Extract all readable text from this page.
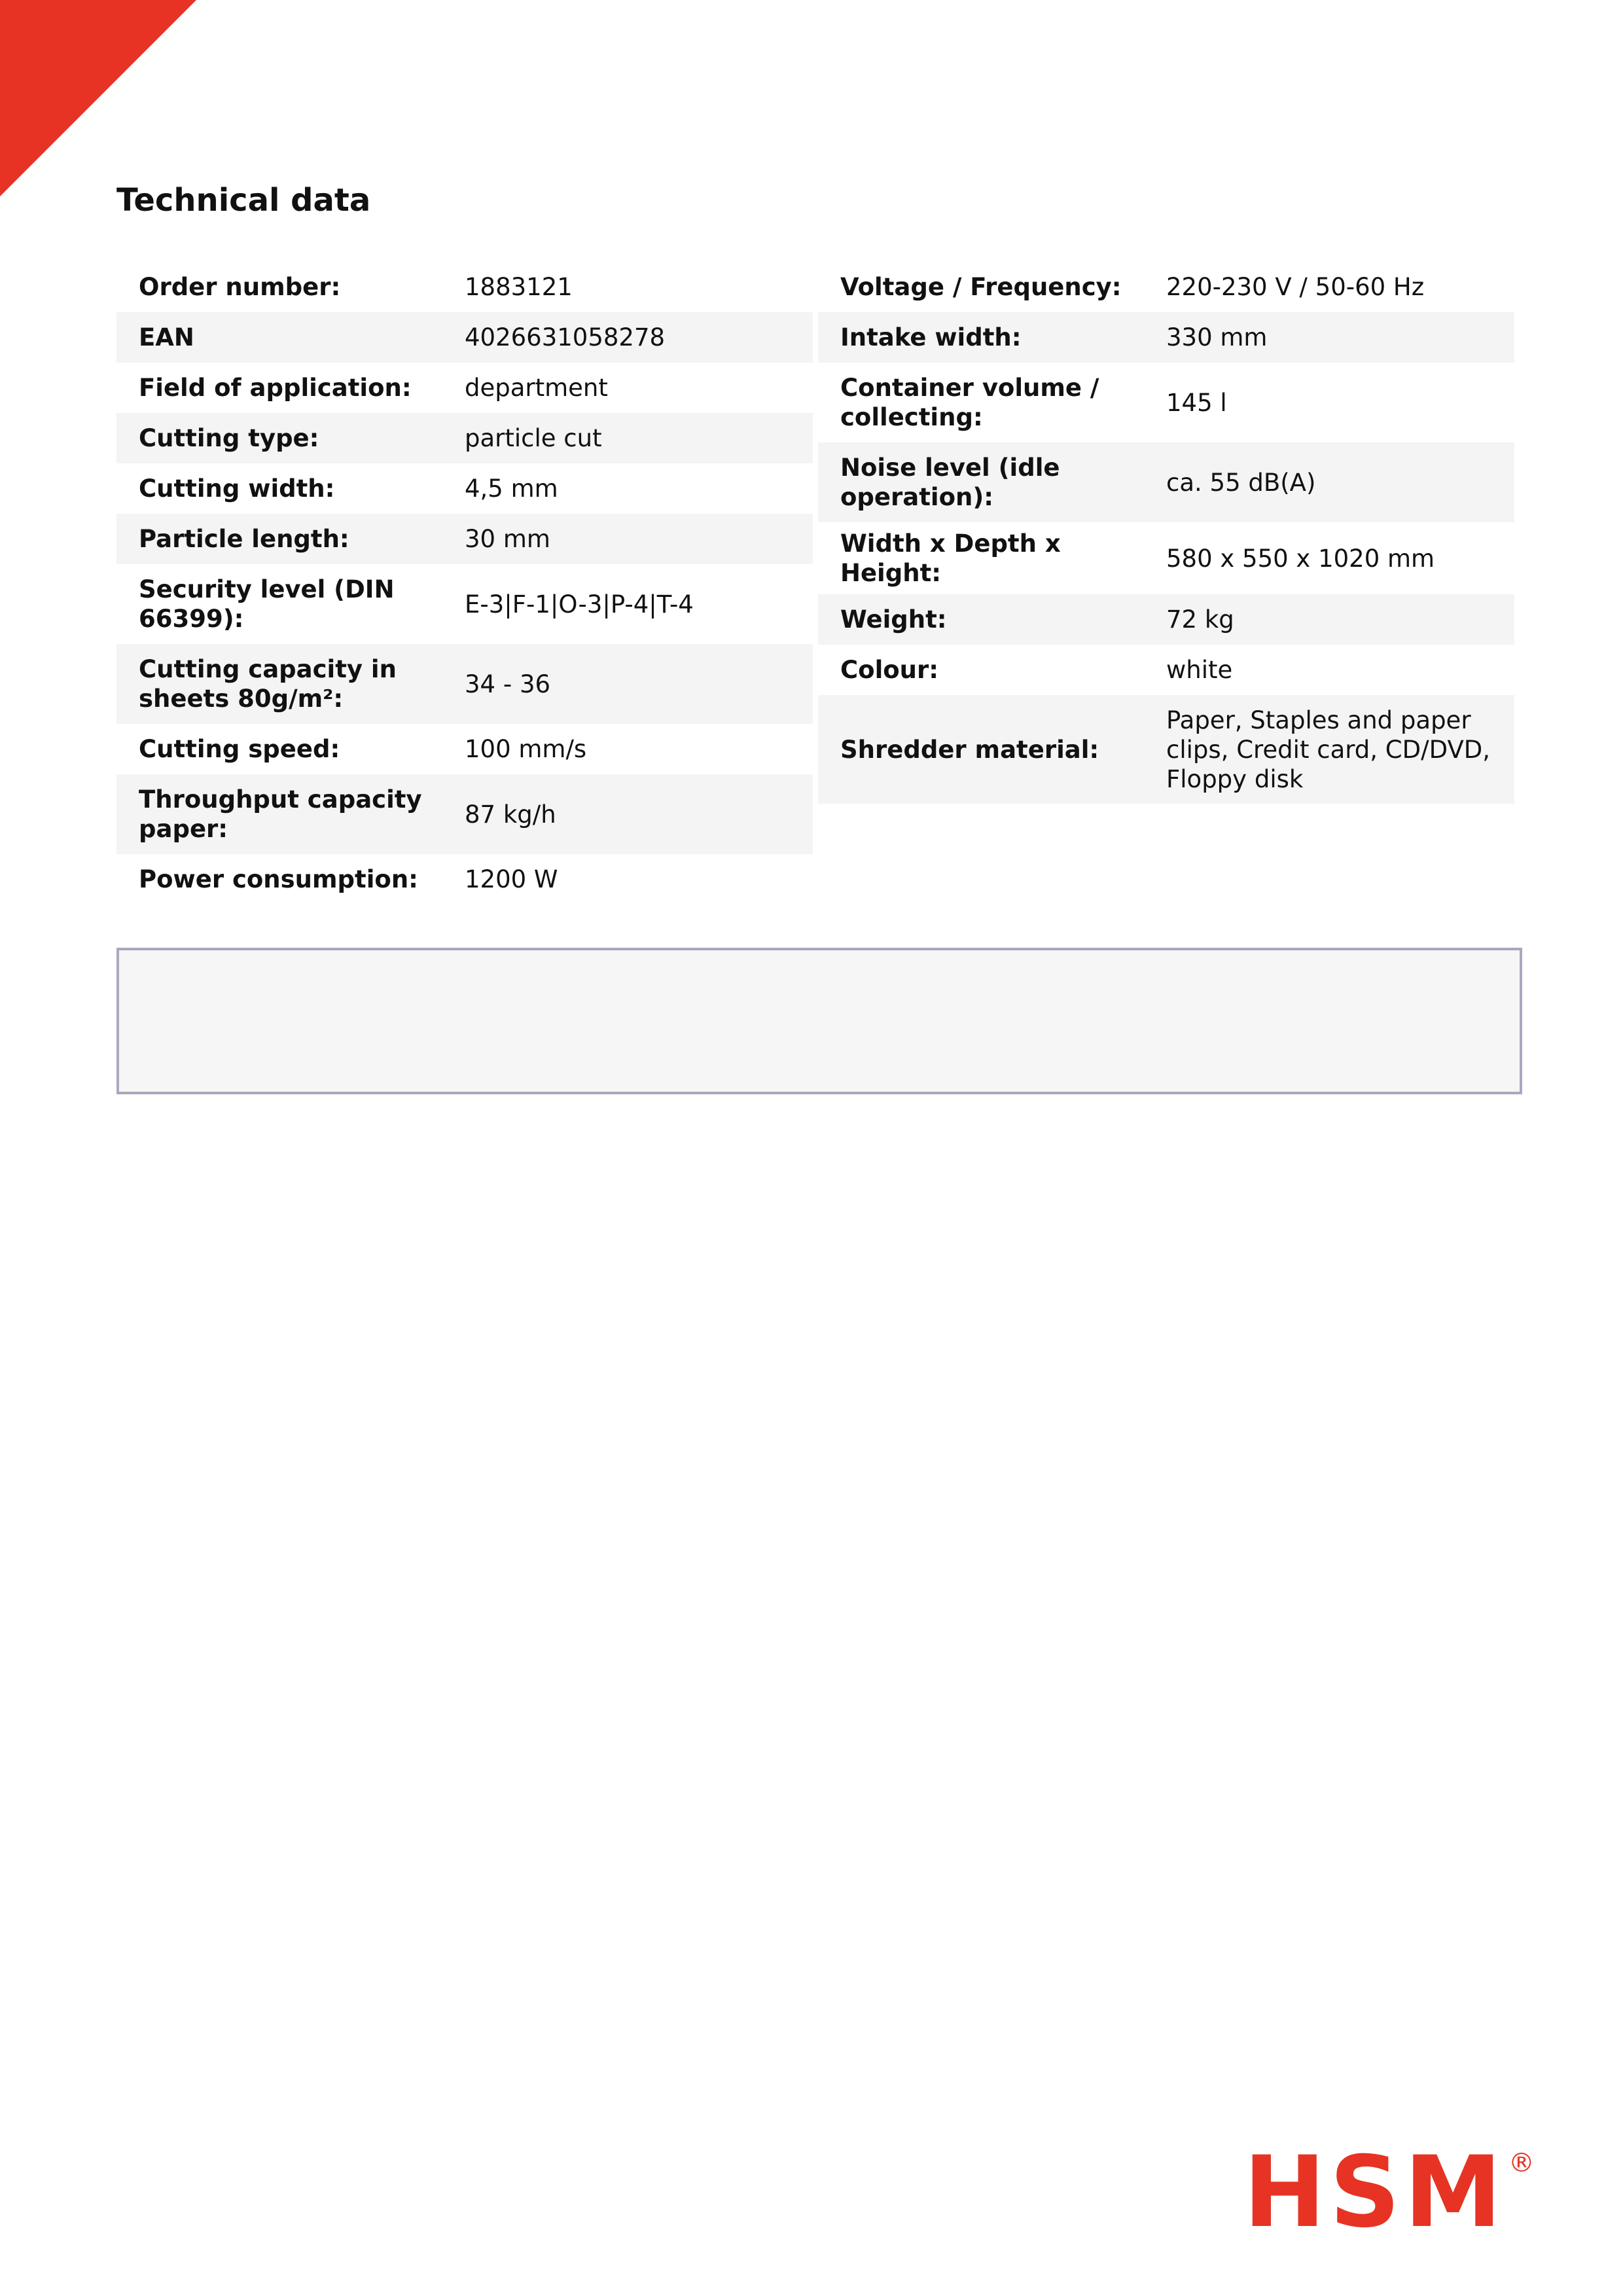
Technical data
Order number:	1883121
EAN	4026631058278
Field of application:	department
Cutting type:	particle cut
Cutting width:	4,5 mm
Particle length:	30 mm
Security level (DIN 66399):
E-3|F-1|O-3|P-4|T-4
Cutting capacity in sheets 80g/m²:
34 - 36
Cutting speed:	100 mm/s
Throughput capacity paper:
87 kg/h
Power consumption:	1200 W
Voltage / Frequency:	220-230 V / 50-60 Hz
Intake width:	330 mm
Container volume / collecting:
145 l
Noise level (idle operation):
ca. 55 dB(A)
Width x Depth x Height:
580 x 550 x 1020 mm
Weight:	72 kg
Colour:	white
Shredder material:
Paper, Staples and paper clips, Credit card, CD/DVD, Floppy disk
HSM ®
